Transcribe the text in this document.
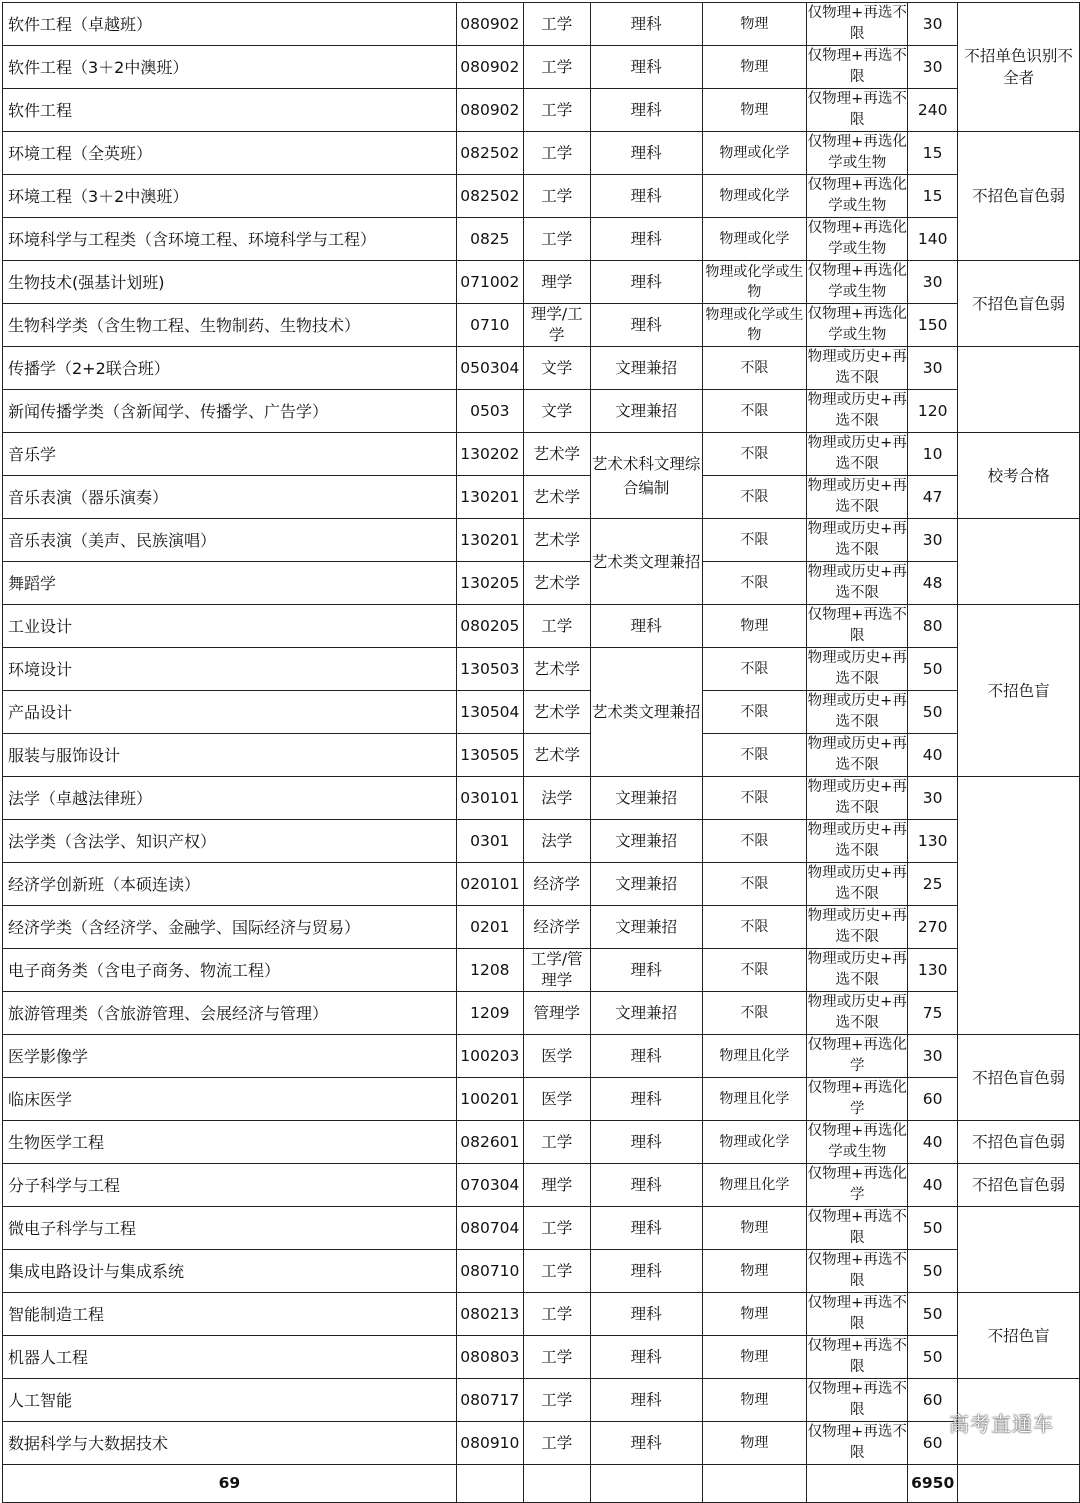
软件工程（卓越班）	080902	工学	理科	物理	仅物理+再选不限	30	不招单色识别不全者
软件工程（3＋2中澳班）	080902	工学	理科	物理	仅物理+再选不限	30	
软件工程	080902	工学	理科	物理	仅物理+再选不限	240	
环境工程（全英班）	082502	工学	理科	物理或化学	仅物理+再选化学或生物	15	不招色盲色弱
环境工程（3＋2中澳班）	082502	工学	理科	物理或化学	仅物理+再选化学或生物	15	
环境科学与工程类（含环境工程、环境科学与工程）	0825	工学	理科	物理或化学	仅物理+再选化学或生物	140	
生物技术(强基计划班)	071002	理学	理科	物理或化学或生物	仅物理+再选化学或生物	30	不招色盲色弱
生物科学类（含生物工程、生物制药、生物技术）	0710	理学/工学	理科	物理或化学或生物	仅物理+再选化学或生物	150	
传播学（2+2联合班）	050304	文学	文理兼招	不限	物理或历史+再选不限	30	
新闻传播学类（含新闻学、传播学、广告学）	0503	文学	文理兼招	不限	物理或历史+再选不限	120	
音乐学	130202	艺术学	艺术术科文理综合编制	不限	物理或历史+再选不限	10	校考合格
音乐表演（器乐演奏）	130201	艺术学		不限	物理或历史+再选不限	47	
音乐表演（美声、民族演唱）	130201	艺术学	艺术类文理兼招	不限	物理或历史+再选不限	30	
舞蹈学	130205	艺术学		不限	物理或历史+再选不限	48	
工业设计	080205	工学	理科	物理	仅物理+再选不限	80	不招色盲
环境设计	130503	艺术学	艺术类文理兼招	不限	物理或历史+再选不限	50	
产品设计	130504	艺术学		不限	物理或历史+再选不限	50	
服装与服饰设计	130505	艺术学		不限	物理或历史+再选不限	40	
法学（卓越法律班）	030101	法学	文理兼招	不限	物理或历史+再选不限	30	
法学类（含法学、知识产权）	0301	法学	文理兼招	不限	物理或历史+再选不限	130	
经济学创新班（本硕连读）	020101	经济学	文理兼招	不限	物理或历史+再选不限	25	
经济学类（含经济学、金融学、国际经济与贸易）	0201	经济学	文理兼招	不限	物理或历史+再选不限	270	
电子商务类（含电子商务、物流工程）	1208	工学/管理学	理科	不限	物理或历史+再选不限	130	
旅游管理类（含旅游管理、会展经济与管理）	1209	管理学	文理兼招	不限	物理或历史+再选不限	75	
医学影像学	100203	医学	理科	物理且化学	仅物理+再选化学	30	不招色盲色弱
临床医学	100201	医学	理科	物理且化学	仅物理+再选化学	60	
生物医学工程	082601	工学	理科	物理或化学	仅物理+再选化学或生物	40	不招色盲色弱
分子科学与工程	070304	理学	理科	物理且化学	仅物理+再选化学	40	不招色盲色弱
微电子科学与工程	080704	工学	理科	物理	仅物理+再选不限	50	
集成电路设计与集成系统	080710	工学	理科	物理	仅物理+再选不限	50	
智能制造工程	080213	工学	理科	物理	仅物理+再选不限	50	不招色盲
机器人工程	080803	工学	理科	物理	仅物理+再选不限	50	
人工智能	080717	工学	理科	物理	仅物理+再选不限	60	
数据科学与大数据技术	080910	工学	理科	物理	仅物理+再选不限	60	
69						6950	
高考直通车
